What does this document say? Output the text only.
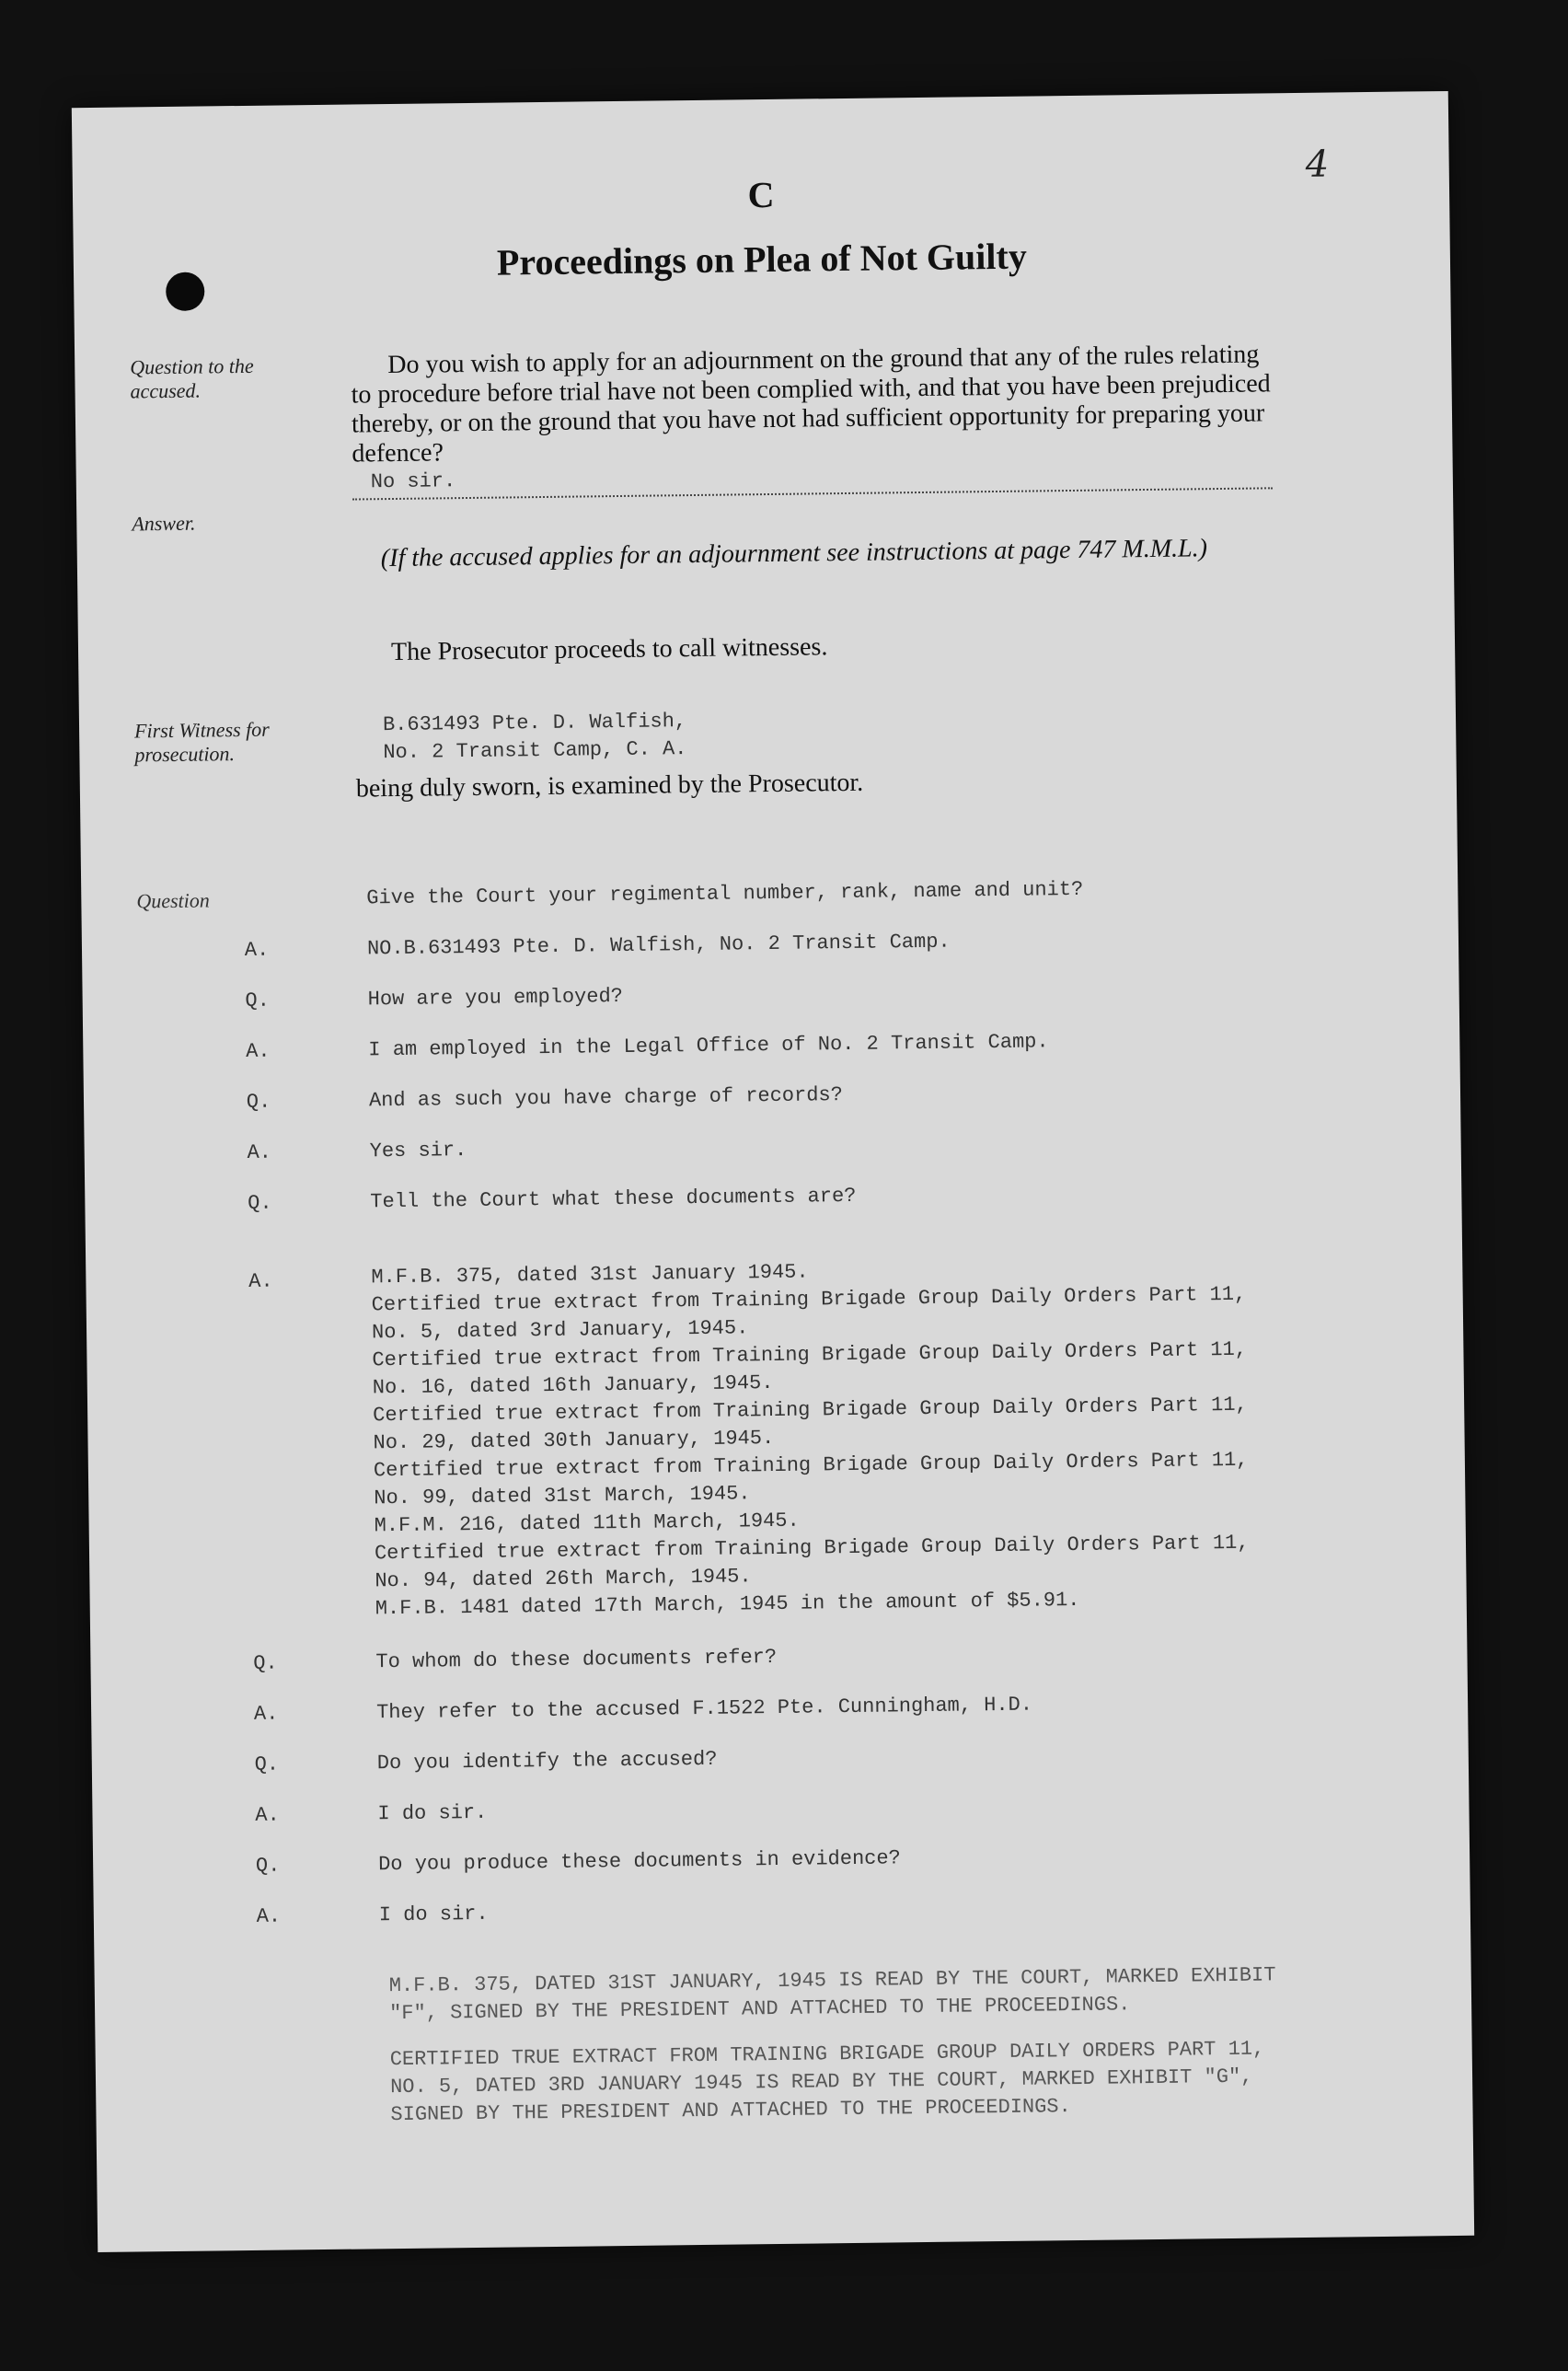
4
C
Proceedings on Plea of Not Guilty
Question to the accused.
Do you wish to apply for an adjournment on the ground that any of the rules relating to procedure before trial have not been complied with, and that you have been prejudiced thereby, or on the ground that you have not had sufficient opportunity for preparing your defence?
No sir.
Answer.
(If the accused applies for an adjournment see instructions at page 747 M.M.L.)
The Prosecutor proceeds to call witnesses.
First Witness for prosecution.
B.631493 Pte. D. Walfish,
No. 2 Transit Camp, C. A.
being duly sworn, is examined by the Prosecutor.
Question	Give the Court your regimental number, rank, name and unit?
A.	NO.B.631493 Pte. D. Walfish, No. 2 Transit Camp.
Q.	How are you employed?
A.	I am employed in the Legal Office of No. 2 Transit Camp.
Q.	And as such you have charge of records?
A.	Yes sir.
Q.	Tell the Court what these documents are?
A.	M.F.B. 375, dated 31st January 1945.
Certified true extract from Training Brigade Group Daily Orders Part 11,
No. 5, dated 3rd January, 1945.
Certified true extract from Training Brigade Group Daily Orders Part 11,
No. 16, dated 16th January, 1945.
Certified true extract from Training Brigade Group Daily Orders Part 11,
No. 29, dated 30th January, 1945.
Certified true extract from Training Brigade Group Daily Orders Part 11,
No. 99, dated 31st March, 1945.
M.F.M. 216, dated 11th March, 1945.
Certified true extract from Training Brigade Group Daily Orders Part 11,
No. 94, dated 26th March, 1945.
M.F.B. 1481 dated 17th March, 1945 in the amount of $5.91.
Q.	To whom do these documents refer?
A.	They refer to the accused F.1522 Pte. Cunningham, H.D.
Q.	Do you identify the accused?
A.	I do sir.
Q.	Do you produce these documents in evidence?
A.	I do sir.
M.F.B. 375, DATED 31ST JANUARY, 1945 IS READ BY THE COURT, MARKED EXHIBIT
"F", SIGNED BY THE PRESIDENT AND ATTACHED TO THE PROCEEDINGS.
CERTIFIED TRUE EXTRACT FROM TRAINING BRIGADE GROUP DAILY ORDERS PART 11,
NO. 5, DATED 3RD JANUARY 1945 IS READ BY THE COURT, MARKED EXHIBIT "G",
SIGNED BY THE PRESIDENT AND ATTACHED TO THE PROCEEDINGS.
